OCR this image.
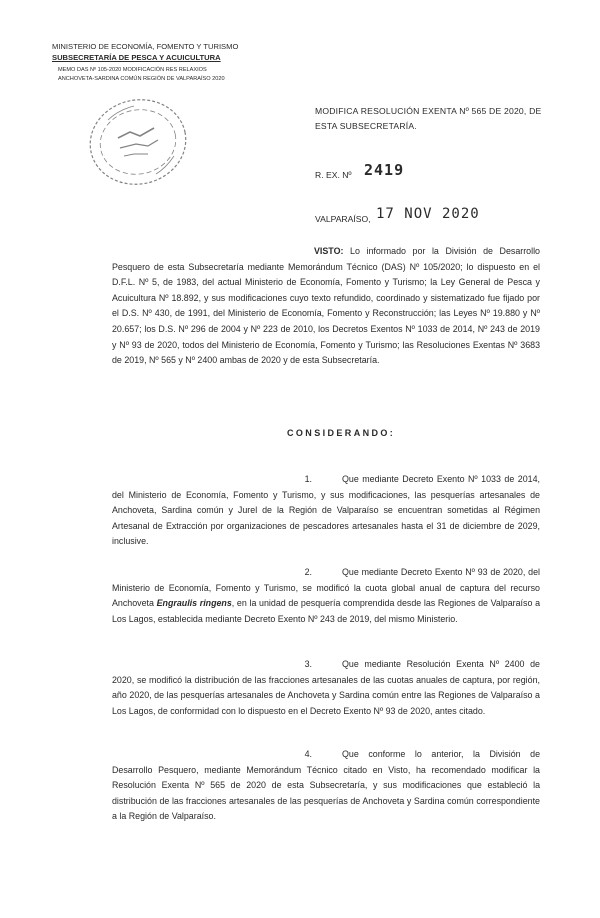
MINISTERIO DE ECONOMÍA, FOMENTO Y TURISMO
SUBSECRETARÍA DE PESCA Y ACUICULTURA
MEMO DAS Nº 105-2020 MODIFICACIÓN RES RELAXIOS
ANCHOVETA-SARDINA COMÚN REGIÓN DE VALPARAÍSO 2020
MODIFICA RESOLUCIÓN EXENTA Nº 565 DE 2020, DE
ESTA SUBSECRETARÍA.
R. EX. Nº 2419
VALPARAÍSO, 17 NOV 2020
VISTO: Lo informado por la División de Desarrollo Pesquero de esta Subsecretaría mediante Memorándum Técnico (DAS) Nº 105/2020; lo dispuesto en el D.F.L. Nº 5, de 1983, del actual Ministerio de Economía, Fomento y Turismo; la Ley General de Pesca y Acuicultura Nº 18.892, y sus modificaciones cuyo texto refundido, coordinado y sistematizado fue fijado por el D.S. Nº 430, de 1991, del Ministerio de Economía, Fomento y Reconstrucción; las Leyes Nº 19.880 y Nº 20.657; los D.S. Nº 296 de 2004 y Nº 223 de 2010, los Decretos Exentos Nº 1033 de 2014, Nº 243 de 2019 y Nº 93 de 2020, todos del Ministerio de Economía, Fomento y Turismo; las Resoluciones Exentas Nº 3683 de 2019, Nº 565 y Nº 2400 ambas de 2020 y de esta Subsecretaría.
CONSIDERANDO:
1.	Que mediante Decreto Exento Nº 1033 de 2014, del Ministerio de Economía, Fomento y Turismo, y sus modificaciones, las pesquerías artesanales de Anchoveta, Sardina común y Jurel de la Región de Valparaíso se encuentran sometidas al Régimen Artesanal de Extracción por organizaciones de pescadores artesanales hasta el 31 de diciembre de 2029, inclusive.
2.	Que mediante Decreto Exento Nº 93 de 2020, del Ministerio de Economía, Fomento y Turismo, se modificó la cuota global anual de captura del recurso Anchoveta Engraulis ringens, en la unidad de pesquería comprendida desde las Regiones de Valparaíso a Los Lagos, establecida mediante Decreto Exento Nº 243 de 2019, del mismo Ministerio.
3.	Que mediante Resolución Exenta Nº 2400 de 2020, se modificó la distribución de las fracciones artesanales de las cuotas anuales de captura, por región, año 2020, de las pesquerías artesanales de Anchoveta y Sardina común entre las Regiones de Valparaíso a Los Lagos, de conformidad con lo dispuesto en el Decreto Exento Nº 93 de 2020, antes citado.
4.	Que conforme lo anterior, la División de Desarrollo Pesquero, mediante Memorándum Técnico citado en Visto, ha recomendado modificar la Resolución Exenta Nº 565 de 2020 de esta Subsecretaría, y sus modificaciones que estableció la distribución de las fracciones artesanales de las pesquerías de Anchoveta y Sardina común correspondiente a la Región de Valparaíso.
